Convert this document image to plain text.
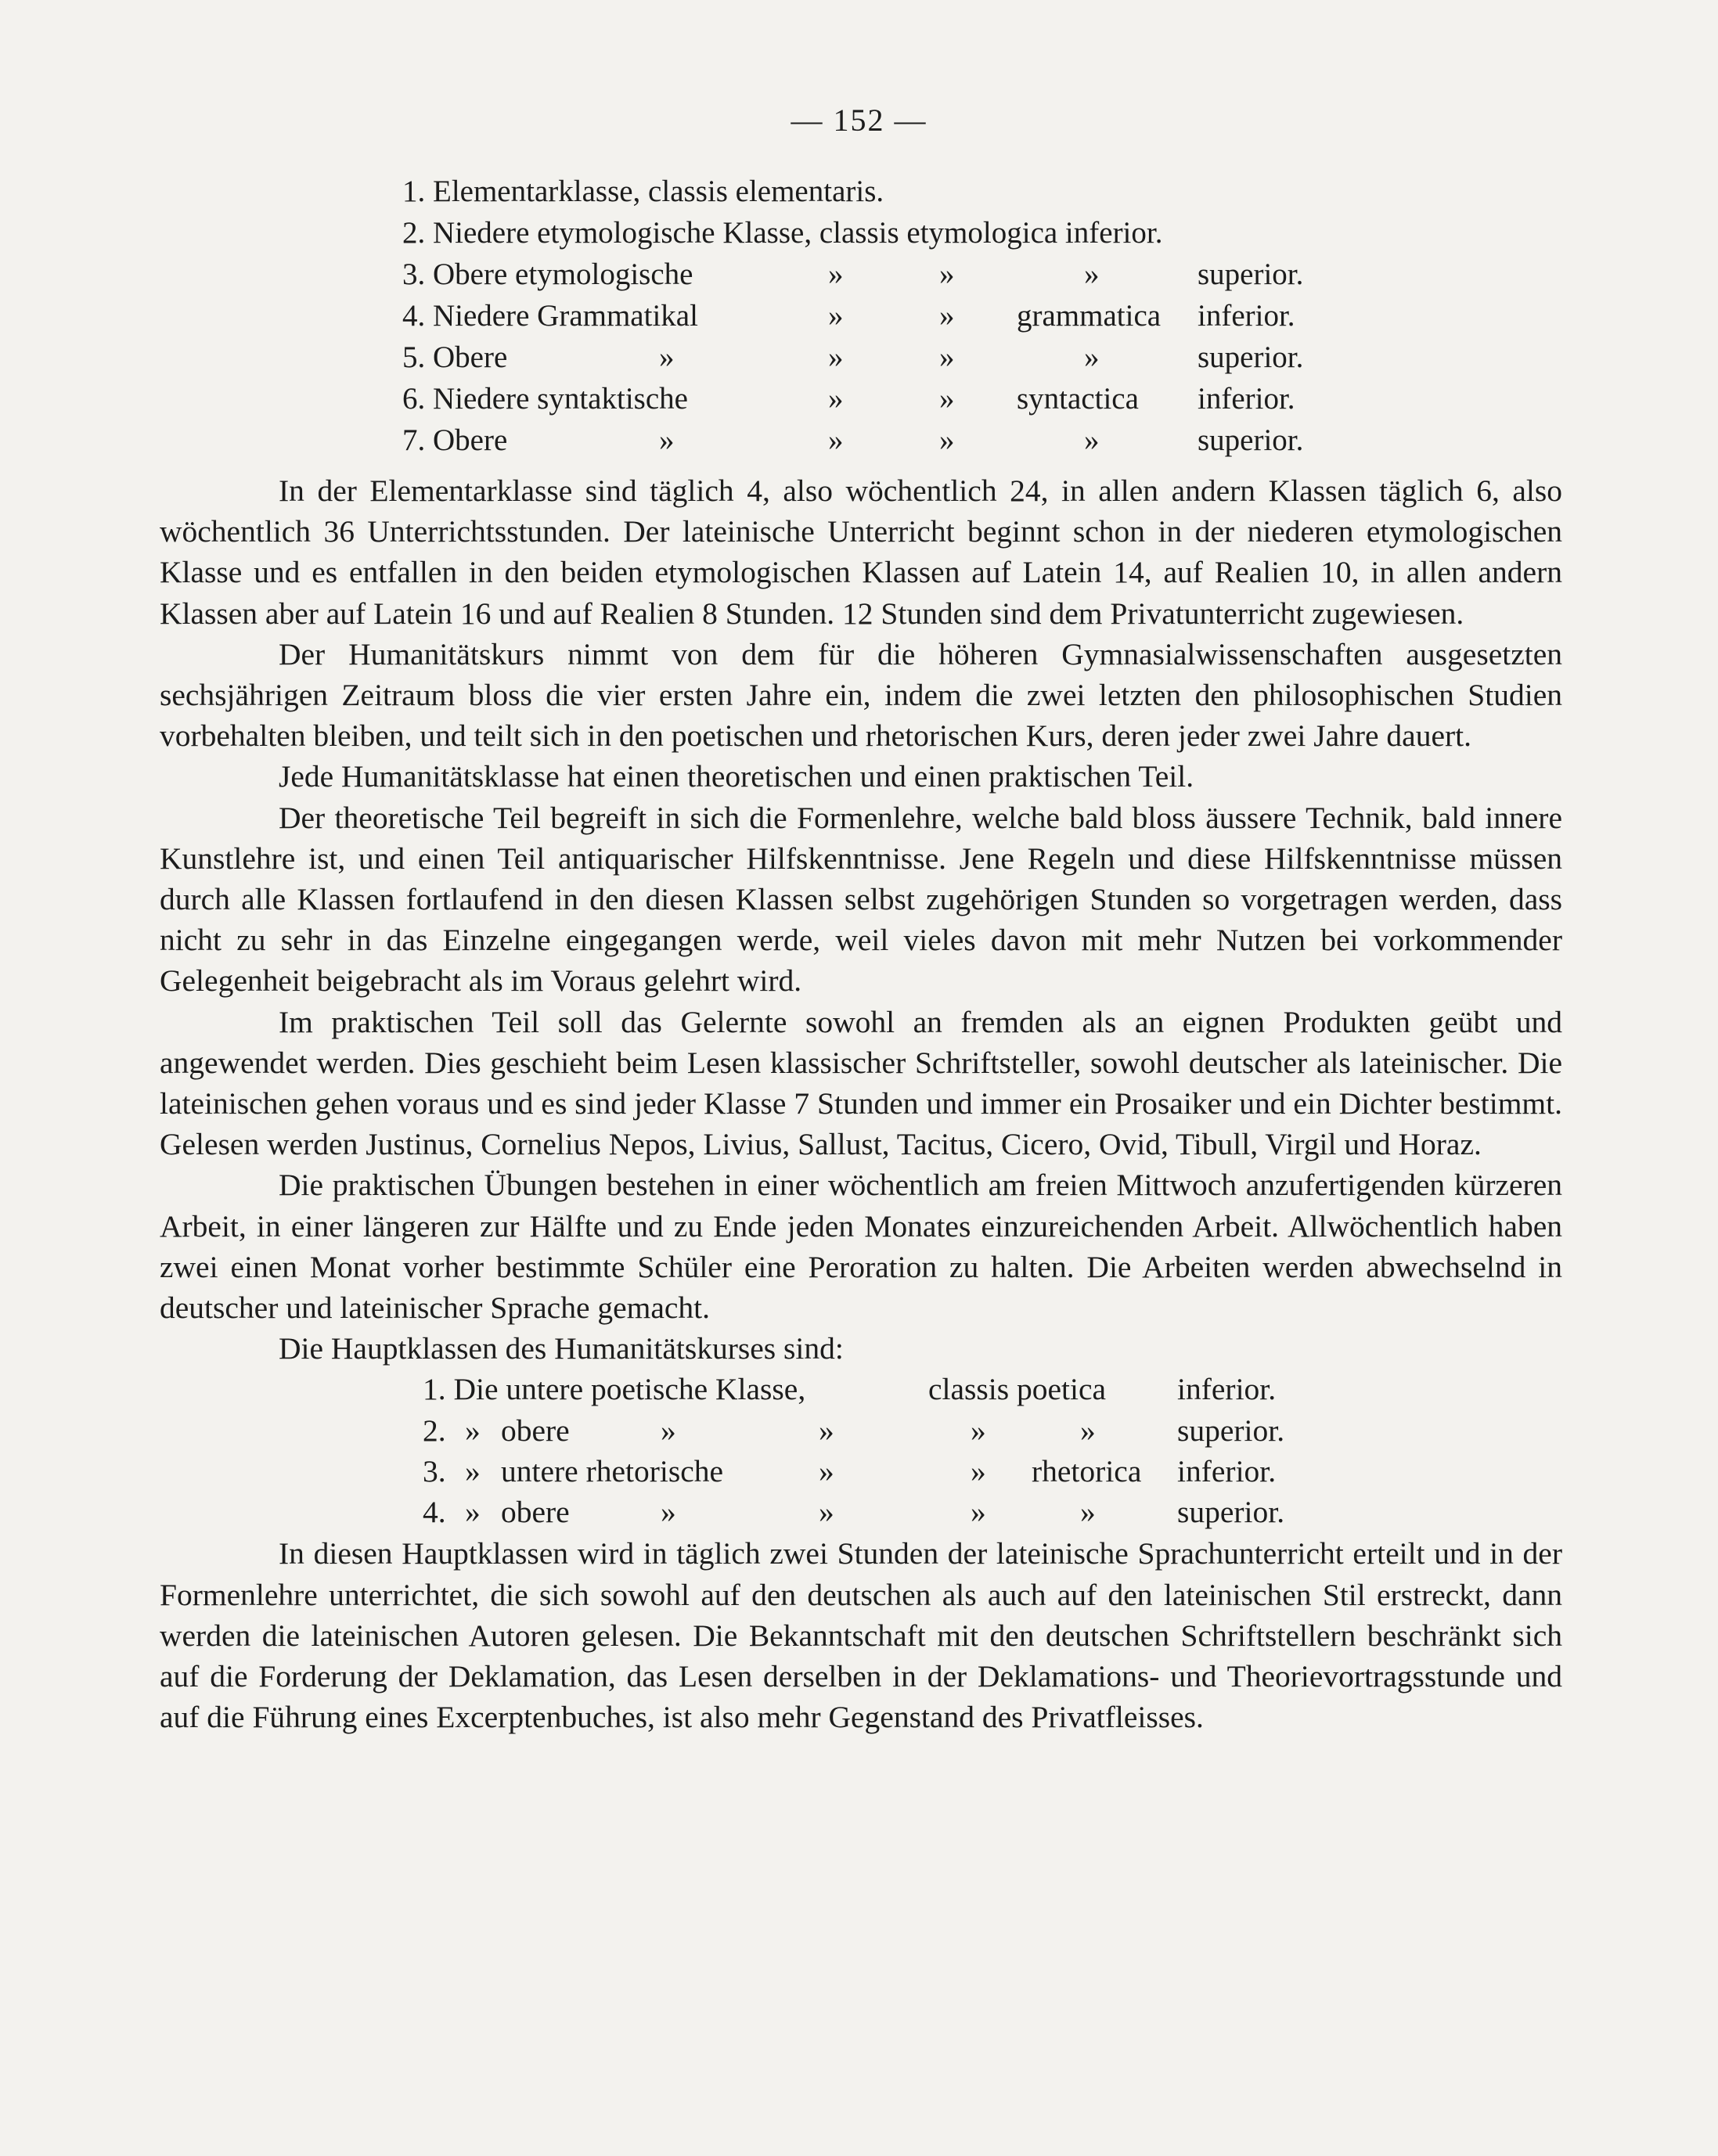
— 152 —
1. Elementarklasse, classis elementaris.
2. Niedere etymologische Klasse, classis etymologica inferior.
3. Obere etymologische	»	»	»	superior.
4. Niedere Grammatikal	»	» grammatica inferior.
5. Obere	»	»	»	»	superior.
6. Niedere syntaktische	»	» syntactica inferior.
7. Obere	»	»	»	»	superior.

In der Elementarklasse sind täglich 4, also wöchentlich 24, in allen andern Klassen täglich 6, also wöchentlich 36 Unterrichtsstunden. Der lateinische Unterricht beginnt schon in der niederen etymologischen Klasse und es entfallen in den beiden etymologischen Klassen auf Latein 14, auf Realien 10, in allen andern Klassen aber auf Latein 16 und auf Realien 8 Stunden. 12 Stunden sind dem Privatunterricht zugewiesen.

Der Humanitätskurs nimmt von dem für die höheren Gymnasialwissenschaften ausgesetzten sechsjährigen Zeitraum bloss die vier ersten Jahre ein, indem die zwei letzten den philosophischen Studien vorbehalten bleiben, und teilt sich in den poetischen und rhetorischen Kurs, deren jeder zwei Jahre dauert.

Jede Humanitätsklasse hat einen theoretischen und einen praktischen Teil.

Der theoretische Teil begreift in sich die Formenlehre, welche bald bloss äussere Technik, bald innere Kunstlehre ist, und einen Teil antiquarischer Hilfskenntnisse. Jene Regeln und diese Hilfskenntnisse müssen durch alle Klassen fortlaufend in den diesen Klassen selbst zugehörigen Stunden so vorgetragen werden, dass nicht zu sehr in das Einzelne eingegangen werde, weil vieles davon mit mehr Nutzen bei vorkommender Gelegenheit beigebracht als im Voraus gelehrt wird.

Im praktischen Teil soll das Gelernte sowohl an fremden als an eignen Produkten geübt und angewendet werden. Dies geschieht beim Lesen klassischer Schriftsteller, sowohl deutscher als lateinischer. Die lateinischen gehen voraus und es sind jeder Klasse 7 Stunden und immer ein Prosaiker und ein Dichter bestimmt. Gelesen werden Justinus, Cornelius Nepos, Livius, Sallust, Tacitus, Cicero, Ovid, Tibull, Virgil und Horaz.

Die praktischen Übungen bestehen in einer wöchentlich am freien Mittwoch anzufertigenden kürzeren Arbeit, in einer längeren zur Hälfte und zu Ende jeden Monates einzureichenden Arbeit. Allwöchentlich haben zwei einen Monat vorher bestimmte Schüler eine Peroration zu halten. Die Arbeiten werden abwechselnd in deutscher und lateinischer Sprache gemacht.

Die Hauptklassen des Humanitätskurses sind:

1. Die untere poetische Klasse,	classis poetica inferior.
2. » obere	»	»	»	»	superior.
3. » untere rhetorische	»	» rhetorica inferior.
4. » obere	»	»	»	»	superior.

In diesen Hauptklassen wird in täglich zwei Stunden der lateinische Sprachunterricht erteilt und in der Formenlehre unterrichtet, die sich sowohl auf den deutschen als auch auf den lateinischen Stil erstreckt, dann werden die lateinischen Autoren gelesen. Die Bekanntschaft mit den deutschen Schriftstellern beschränkt sich auf die Forderung der Deklamation, das Lesen derselben in der Deklamations- und Theorievortragsstunde und auf die Führung eines Excerptenbuches, ist also mehr Gegenstand des Privatfleisses.
